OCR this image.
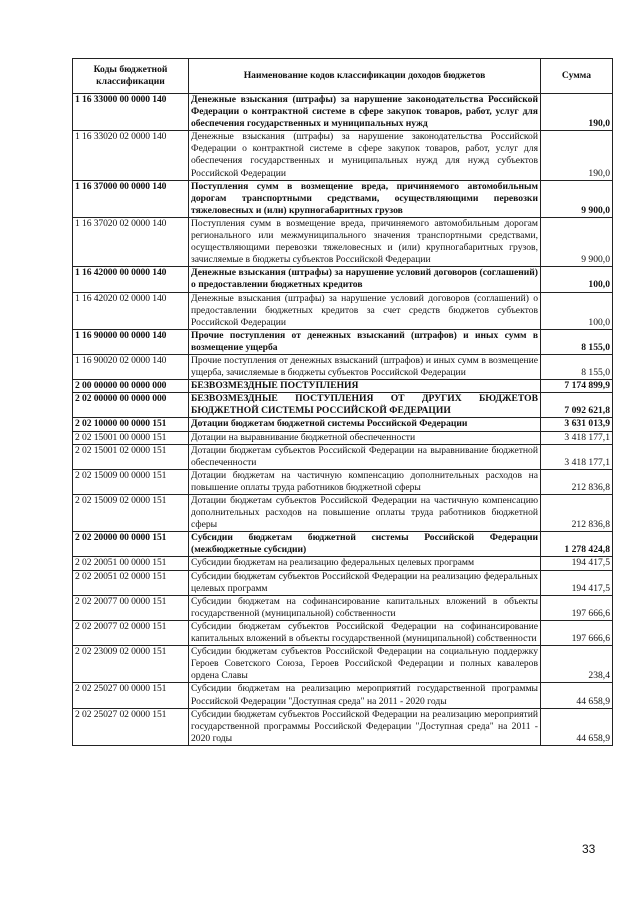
Коды бюджетной классификации	Наименование кодов классификации доходов бюджетов	Сумма
1 16 33000 00 0000 140	Денежные взыскания (штрафы) за нарушение законодательства Российской Федерации о контрактной системе в сфере закупок товаров, работ, услуг для обеспечения государственных и муниципальных нужд	190,0
1 16 33020 02 0000 140	Денежные взыскания (штрафы) за нарушение законодательства Российской Федерации о контрактной системе в сфере закупок товаров, работ, услуг для обеспечения государственных и муниципальных нужд для нужд субъектов Российской Федерации	190,0
1 16 37000 00 0000 140	Поступления сумм в возмещение вреда, причиняемого автомобильным дорогам транспортными средствами, осуществляющими перевозки тяжеловесных и (или) крупногабаритных грузов	9 900,0
1 16 37020 02 0000 140	Поступления сумм в возмещение вреда, причиняемого автомобильным дорогам регионального или межмуниципального значения транспортными средствами, осуществляющими перевозки тяжеловесных и (или) крупногабаритных грузов, зачисляемые в бюджеты субъектов Российской Федерации	9 900,0
1 16 42000 00 0000 140	Денежные взыскания (штрафы) за нарушение условий договоров (соглашений) о предоставлении бюджетных кредитов	100,0
1 16 42020 02 0000 140	Денежные взыскания (штрафы) за нарушение условий договоров (соглашений) о предоставлении бюджетных кредитов за счет средств бюджетов субъектов Российской Федерации	100,0
1 16 90000 00 0000 140	Прочие поступления от денежных взысканий (штрафов) и иных сумм в возмещение ущерба	8 155,0
1 16 90020 02 0000 140	Прочие поступления от денежных взысканий (штрафов) и иных сумм в возмещение ущерба, зачисляемые в бюджеты субъектов Российской Федерации	8 155,0
2 00 00000 00 0000 000	БЕЗВОЗМЕЗДНЫЕ ПОСТУПЛЕНИЯ	7 174 899,9
2 02 00000 00 0000 000	БЕЗВОЗМЕЗДНЫЕ ПОСТУПЛЕНИЯ ОТ ДРУГИХ БЮДЖЕТОВ БЮДЖЕТНОЙ СИСТЕМЫ РОССИЙСКОЙ ФЕДЕРАЦИИ	7 092 621,8
2 02 10000 00 0000 151	Дотации бюджетам бюджетной системы Российской Федерации	3 631 013,9
2 02 15001 00 0000 151	Дотации на выравнивание бюджетной обеспеченности	3 418 177,1
2 02 15001 02 0000 151	Дотации бюджетам субъектов Российской Федерации на выравнивание бюджетной обеспеченности	3 418 177,1
2 02 15009 00 0000 151	Дотации бюджетам на частичную компенсацию дополнительных расходов на повышение оплаты труда работников бюджетной сферы	212 836,8
2 02 15009 02 0000 151	Дотации бюджетам субъектов Российской Федерации на частичную компенсацию дополнительных расходов на повышение оплаты труда работников бюджетной сферы	212 836,8
2 02 20000 00 0000 151	Субсидии бюджетам бюджетной системы Российской Федерации (межбюджетные субсидии)	1 278 424,8
2 02 20051 00 0000 151	Субсидии бюджетам на реализацию федеральных целевых программ	194 417,5
2 02 20051 02 0000 151	Субсидии бюджетам субъектов Российской Федерации на реализацию федеральных целевых программ	194 417,5
2 02 20077 00 0000 151	Субсидии бюджетам на софинансирование капитальных вложений в объекты государственной (муниципальной) собственности	197 666,6
2 02 20077 02 0000 151	Субсидии бюджетам субъектов Российской Федерации на софинансирование капитальных вложений в объекты государственной (муниципальной) собственности	197 666,6
2 02 23009 02 0000 151	Субсидии бюджетам субъектов Российской Федерации на социальную поддержку Героев Советского Союза, Героев Российской Федерации и полных кавалеров ордена Славы	238,4
2 02 25027 00 0000 151	Субсидии бюджетам на реализацию мероприятий государственной программы Российской Федерации "Доступная среда" на 2011 - 2020 годы	44 658,9
2 02 25027 02 0000 151	Субсидии бюджетам субъектов Российской Федерации на реализацию мероприятий государственной программы Российской Федерации "Доступная среда" на 2011 - 2020 годы	44 658,9
33
